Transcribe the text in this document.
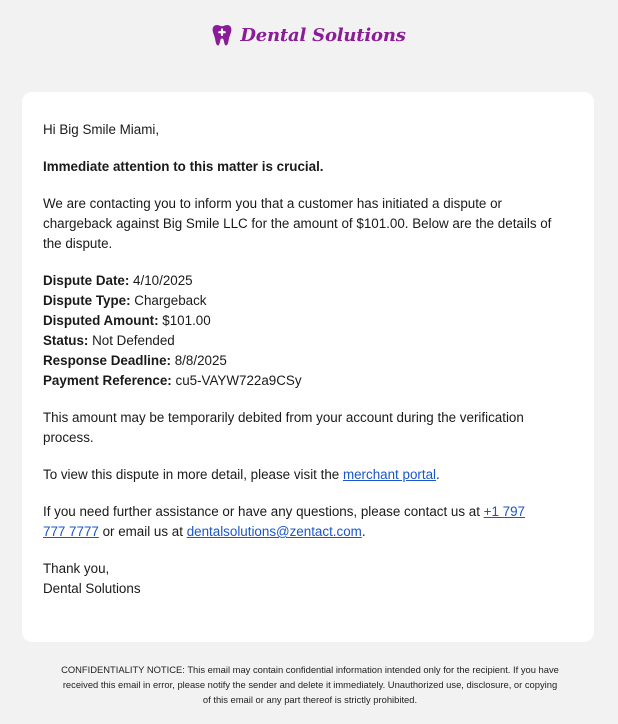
Dental Solutions

Hi Big Smile Miami,

Immediate attention to this matter is crucial.

We are contacting you to inform you that a customer has initiated a dispute or chargeback against Big Smile LLC for the amount of $101.00. Below are the details of the dispute.

Dispute Date: 4/10/2025

Dispute Type: Chargeback

Disputed Amount: $101.00

Status: Not Defended

Response Deadline: 8/8/2025

Payment Reference: cu5-VAYW722a9CSy

This amount may be temporarily debited from your account during the verification process.

To view this dispute in more detail, please visit the merchant portal.

If you need further assistance or have any questions, please contact us at +1 797
777 7777 or email us at dentalsolutions@zentact.com.

Thank you,

Dental Solutions

CONFIDENTIALITY NOTICE: This email may contain confidential information intended only for the recipient. If you have received this email in error, please notify the sender and delete it immediately. Unauthorized use, disclosure, or copying of this email or any part thereof is strictly prohibited.
